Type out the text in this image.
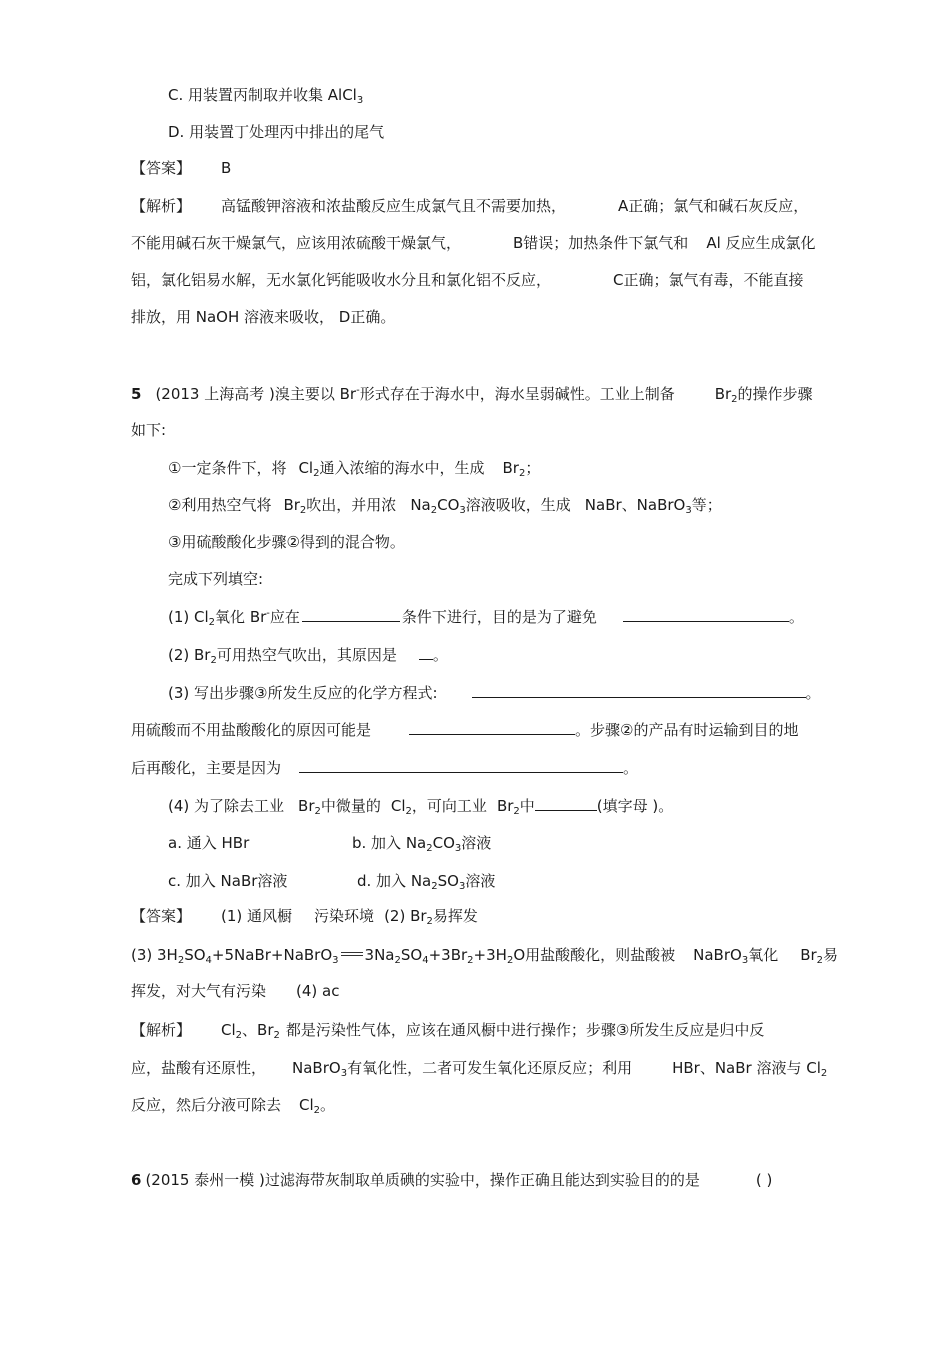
C. 用装置丙制取并收集 AlCl$_3$
D. 用装置丁处理丙中排出的尾气
【答案】 B
【解析】 高锰酸钾溶液和浓盐酸反应生成氯气且不需要加热，	A正确；氯气和碱石灰反应，
不能用碱石灰干燥氯气，应该用浓硫酸干燥氯气，	B错误；加热条件下氯气和 Al 反应生成氯化
铝，氯化铝易水解，无水氯化钙能吸收水分且和氯化铝不反应，	C正确；氯气有毒，不能直接
排放，用 NaOH 溶液来吸收， D正确。
5 (2013 上海高考 )溴主要以 Br-形式存在于海水中，海水呈弱碱性。工业上制备	$Br_2$的操作步骤
如下:
①一定条件下，将 $Cl_2$通入浓缩的海水中，生成 $Br_2$；
②利用热空气将 $Br_2$吹出，并用浓 $Na_2CO_3$溶液吸收，生成 NaBr、NaBrO$_3$等；
③用硫酸酸化步骤②得到的混合物。
完成下列填空:
(1) $Cl_2$氧化 Br-应在	条件下进行，目的是为了避免	。
(2) $Br_2$可用热空气吹出，其原因是 。
(3) 写出步骤③所发生反应的化学方程式:	。
用硫酸而不用盐酸酸化的原因可能是	。步骤②的产品有时运输到目的地
后再酸化，主要是因为	。
(4) 为了除去工业 $Br_2$中微量的 $Cl_2$，可向工业 $Br_2$中	(填字母 )。
a. 通入 HBr	b. 加入 $Na_2CO_3$溶液
c. 加入 NaBr溶液	d. 加入 $Na_2SO_3$溶液
【答案】 (1) 通风橱 污染环境 (2) $Br_2$易挥发
(3) $3H_2SO_4+5NaBr+NaBrO_3$ $3Na_2SO_4+3Br_2+3H_2O$用盐酸酸化，则盐酸被 NaBrO$_3$氧化 $Br_2$易
挥发，对大气有污染 (4) ac
【解析】 $Cl_2$、$Br_2$ 都是污染性气体，应该在通风橱中进行操作；步骤③所发生反应是归中反
应，盐酸有还原性， NaBrO$_3$有氧化性，二者可发生氧化还原反应；利用	HBr、NaBr 溶液与 $Cl_2$
反应，然后分液可除去 $Cl_2$。
6 (2015 泰州一模 )过滤海带灰制取单质碘的实验中，操作正确且能达到实验目的的是	( )
